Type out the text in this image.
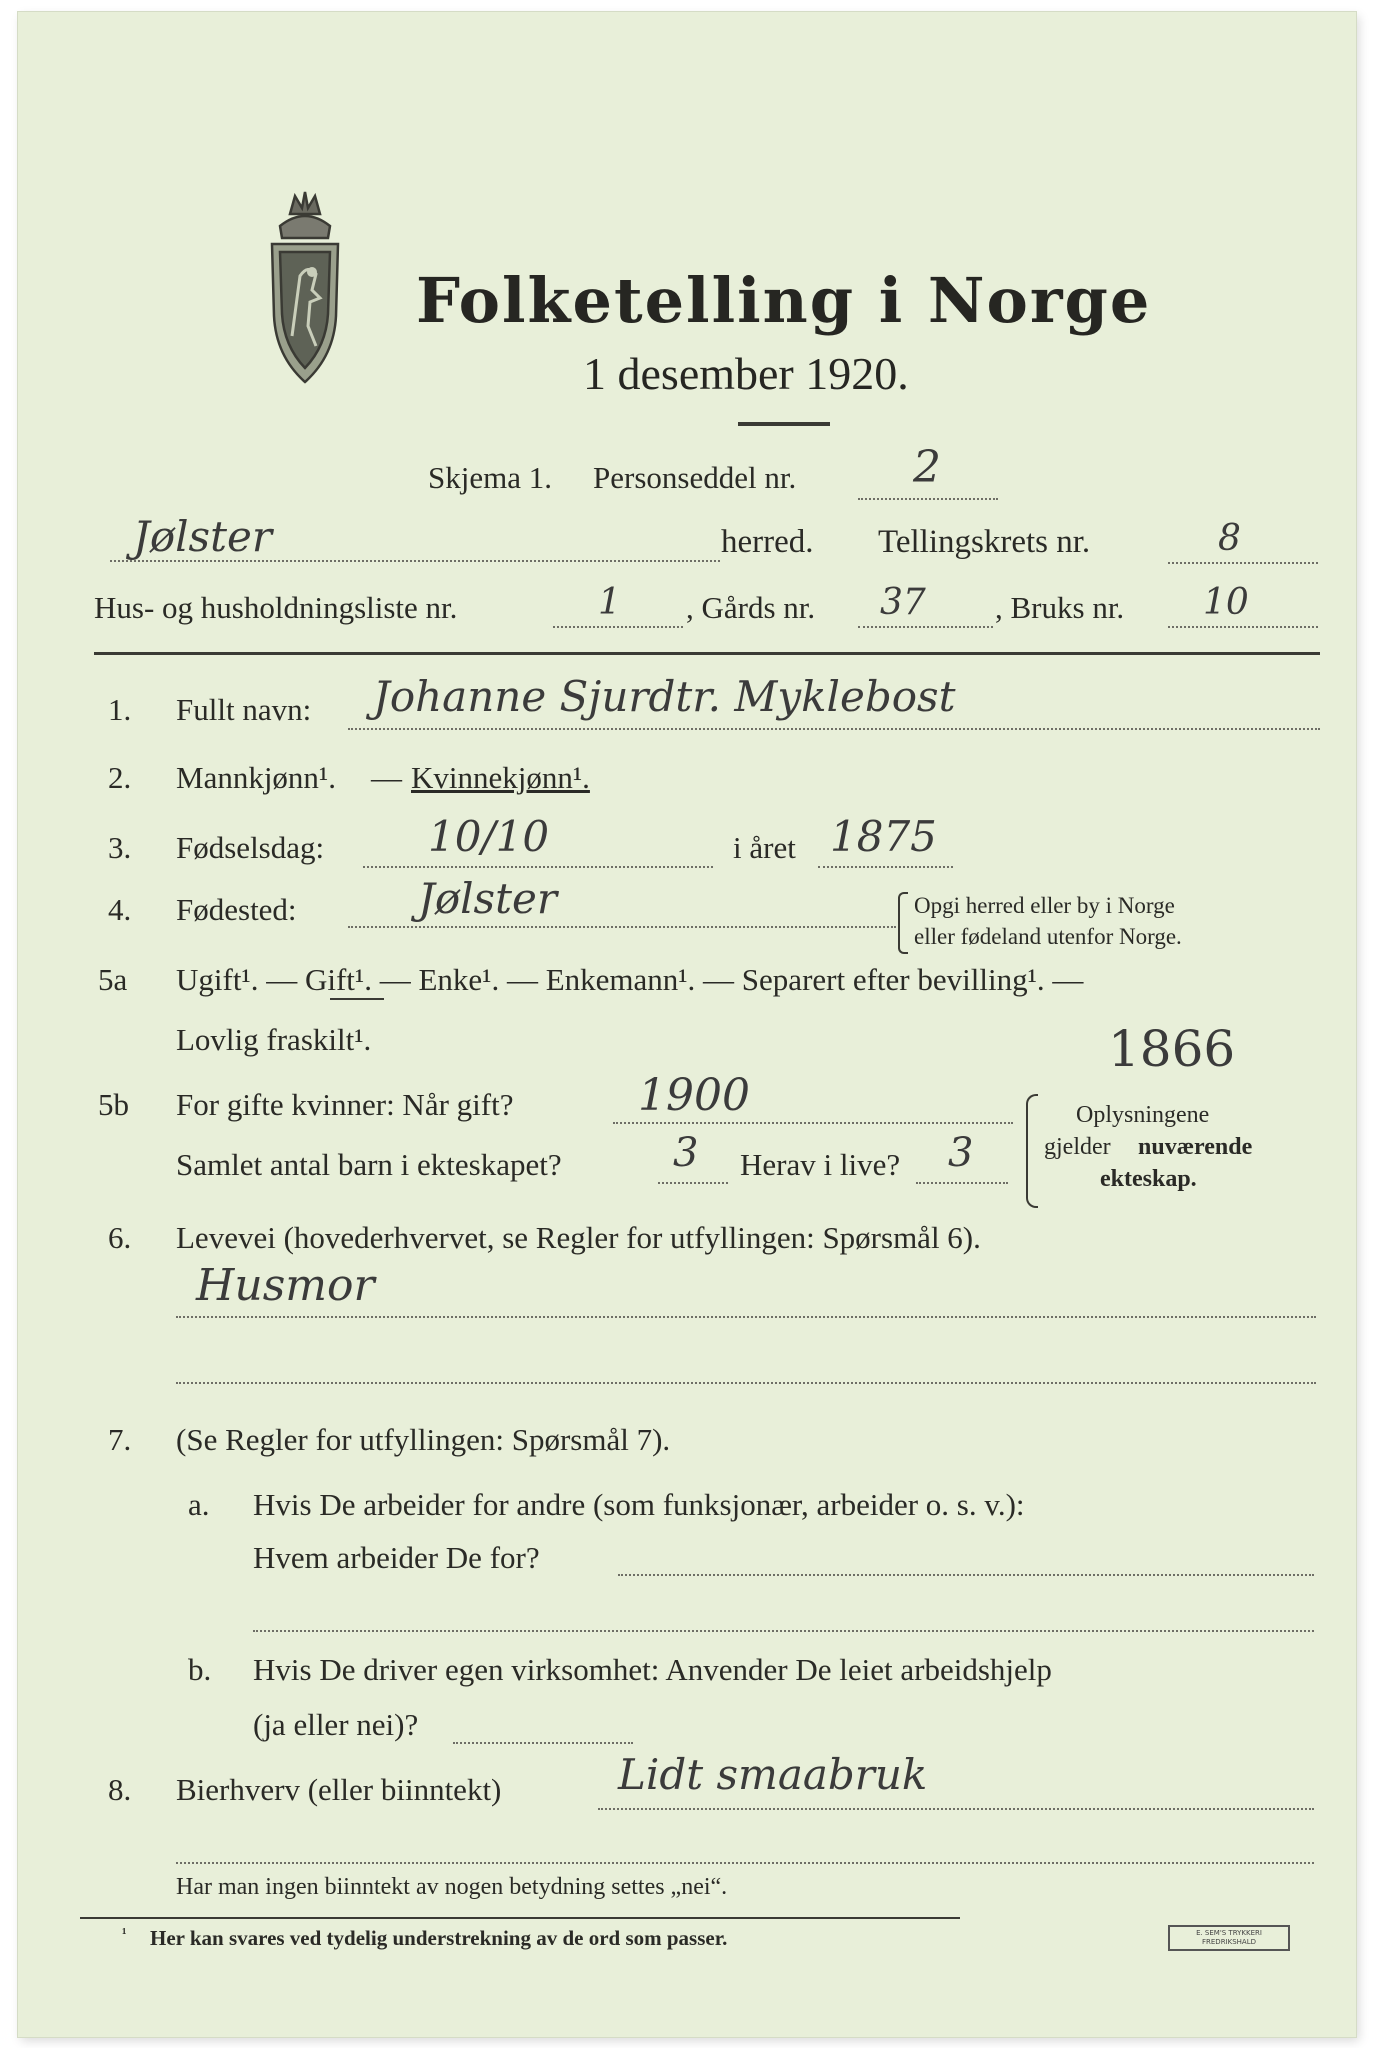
Folketelling i Norge
1 desember 1920.
Skjema 1. Personseddel nr.	2
Jølster	herred. Tellingskrets nr.	8
Hus- og husholdningsliste nr.	1 , Gårds nr. 37 , Bruks nr. 10
1. Fullt navn: Johanne Sjurdtr. Myklebost
2. Mannkjønn¹. — Kvinnekjønn¹.
3. Fødselsdag: 10/10	i året 1875
4. Fødested:	Jølster	Opgi herred eller by i Norge
eller fødeland utenfor Norge.
5a Ugift¹. — Gift¹. — Enke¹. — Enkemann¹. — Separert efter bevilling¹. —
Lovlig fraskilt¹.	1866
5b For gifte kvinner: Når gift?	1900
Samlet antal barn i ekteskapet?	3 Herav i live? 3
Oplysningene
gjelder nuværende
ekteskap.
6. Levevei (hovederhvervet, se Regler for utfyllingen: Spørsmål 6).
Husmor
7. (Se Regler for utfyllingen: Spørsmål 7).
a. Hvis De arbeider for andre (som funksjonær, arbeider o. s. v.):
Hvem arbeider De for?
b. Hvis De driver egen virksomhet: Anvender De leiet arbeidshjelp
(ja eller nei)?
8. Bierhverv (eller biinntekt)	Lidt smaabruk
Har man ingen biinntekt av nogen betydning settes „nei“.
¹ Her kan svares ved tydelig understrekning av de ord som passer.	E. SEM'S TRYKKERI
FREDRIKSHALD
